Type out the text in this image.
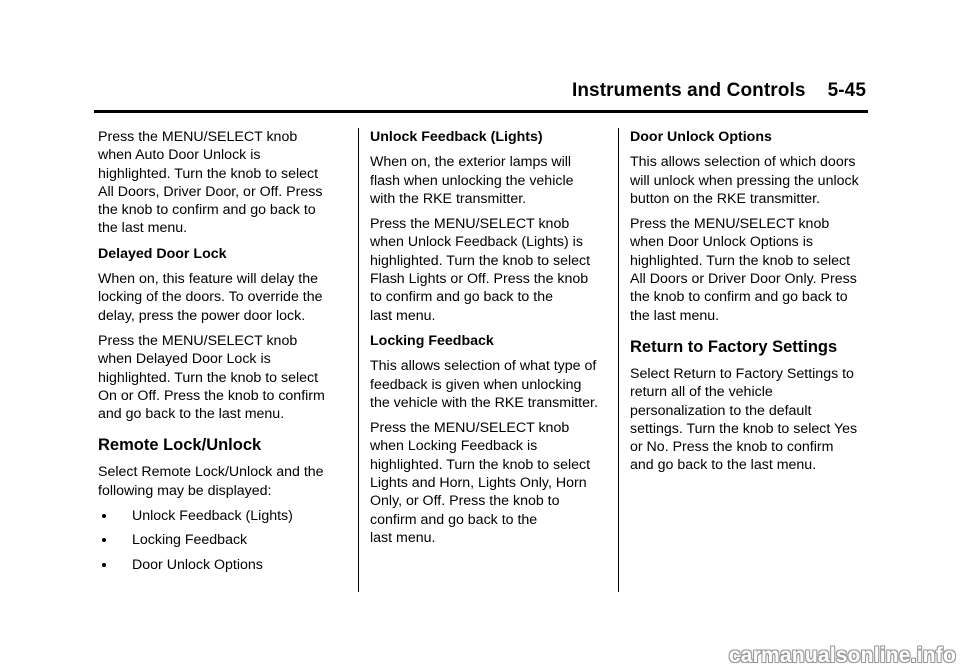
Instruments and Controls 5-45

Press the MENU/SELECT knob
when Auto Door Unlock is
highlighted. Turn the knob to select
All Doors, Driver Door, or Off. Press
the knob to confirm and go back to
the last menu.

Delayed Door Lock

When on, this feature will delay the
locking of the doors. To override the
delay, press the power door lock.

Press the MENU/SELECT knob
when Delayed Door Lock is
highlighted. Turn the knob to select
On or Off. Press the knob to confirm
and go back to the last menu.

Remote Lock/Unlock

Select Remote Lock/Unlock and the
following may be displayed:

Unlock Feedback (Lights)
Locking Feedback
Door Unlock Options

Unlock Feedback (Lights)

When on, the exterior lamps will
flash when unlocking the vehicle
with the RKE transmitter.

Press the MENU/SELECT knob
when Unlock Feedback (Lights) is
highlighted. Turn the knob to select
Flash Lights or Off. Press the knob
to confirm and go back to the
last menu.

Locking Feedback

This allows selection of what type of
feedback is given when unlocking
the vehicle with the RKE transmitter.

Press the MENU/SELECT knob
when Locking Feedback is
highlighted. Turn the knob to select
Lights and Horn, Lights Only, Horn
Only, or Off. Press the knob to
confirm and go back to the
last menu.

Door Unlock Options

This allows selection of which doors
will unlock when pressing the unlock
button on the RKE transmitter.

Press the MENU/SELECT knob
when Door Unlock Options is
highlighted. Turn the knob to select
All Doors or Driver Door Only. Press
the knob to confirm and go back to
the last menu.

Return to Factory Settings

Select Return to Factory Settings to
return all of the vehicle
personalization to the default
settings. Turn the knob to select Yes
or No. Press the knob to confirm
and go back to the last menu.

carmanualsonline.info
